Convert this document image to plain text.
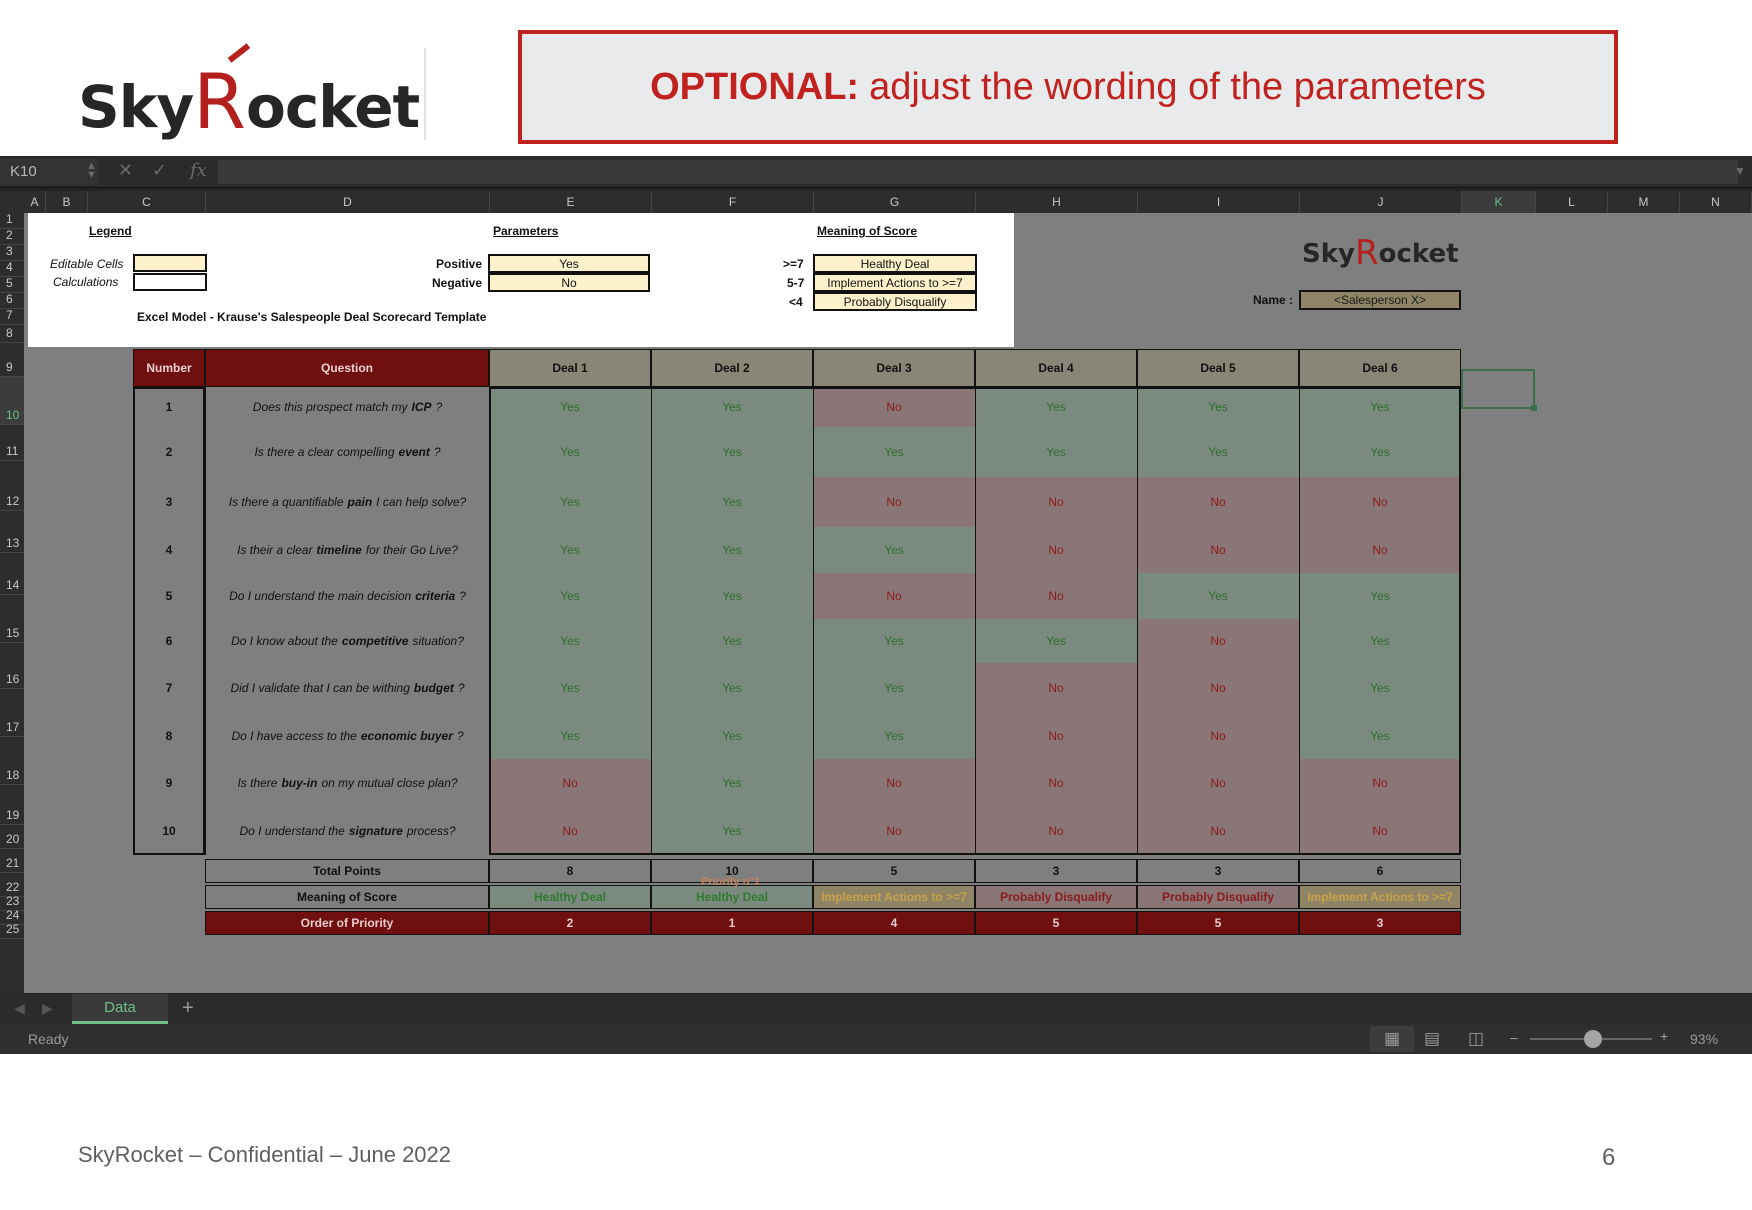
Sky R ocket	OPTIONAL: adjust the wording of the parameters
K10	▲
▼ ✕ ✓ fx	▼
A	B	C	D	E	F	G	H	I	J	K	L	M	N
1
2
3
4
5
6
7
8
9
10
11
12
13
14
15
16
17
18
19
20
21
22
23
24
25
Legend
Editable Cells
Calculations
Excel Model - Krause's Salespeople Deal Scorecard Template
Parameters
Positive	Yes
Negative	No
Meaning of Score
>=7	Healthy Deal
5-7	Implement Actions to >=7
<4	Probably Disqualify
Sky R ocket
Name :	<Salesperson X>
Number	Question	Deal 1	Deal 2	Deal 3	Deal 4	Deal 5	Deal 6
1	Does this prospect match my ICP ?	Yes	Yes	No	Yes	Yes	Yes
2	Is there a clear compelling event ?	Yes	Yes	Yes	Yes	Yes	Yes
3	Is there a quantifiable pain I can help solve?	Yes	Yes	No	No	No	No
4	Is their a clear timeline for their Go Live?	Yes	Yes	Yes	No	No	No
5	Do I understand the main decision criteria ?	Yes	Yes	No	No	Yes	Yes
6	Do I know about the competitive situation?	Yes	Yes	Yes	Yes	No	Yes
7	Did I validate that I can be withing budget ?	Yes	Yes	Yes	No	No	Yes
8	Do I have access to the economic buyer ?	Yes	Yes	Yes	No	No	Yes
9	Is there buy-in on my mutual close plan?	No	Yes	No	No	No	No
10	Do I understand the signature process?	No	Yes	No	No	No	No
Total Points	8	10	5	3	3	6
Meaning of Score	Healthy Deal	Healthy Deal	Implement Actions to >=7	Probably Disqualify	Probably Disqualify	Implement Actions to >=7
Order of Priority	2	1	4	5	5	3
Priority n°1
◀ ▶	Data	+
Ready	▦	▤ ◫ –	+ 93%
SkyRocket – Confidential – June 2022	6
